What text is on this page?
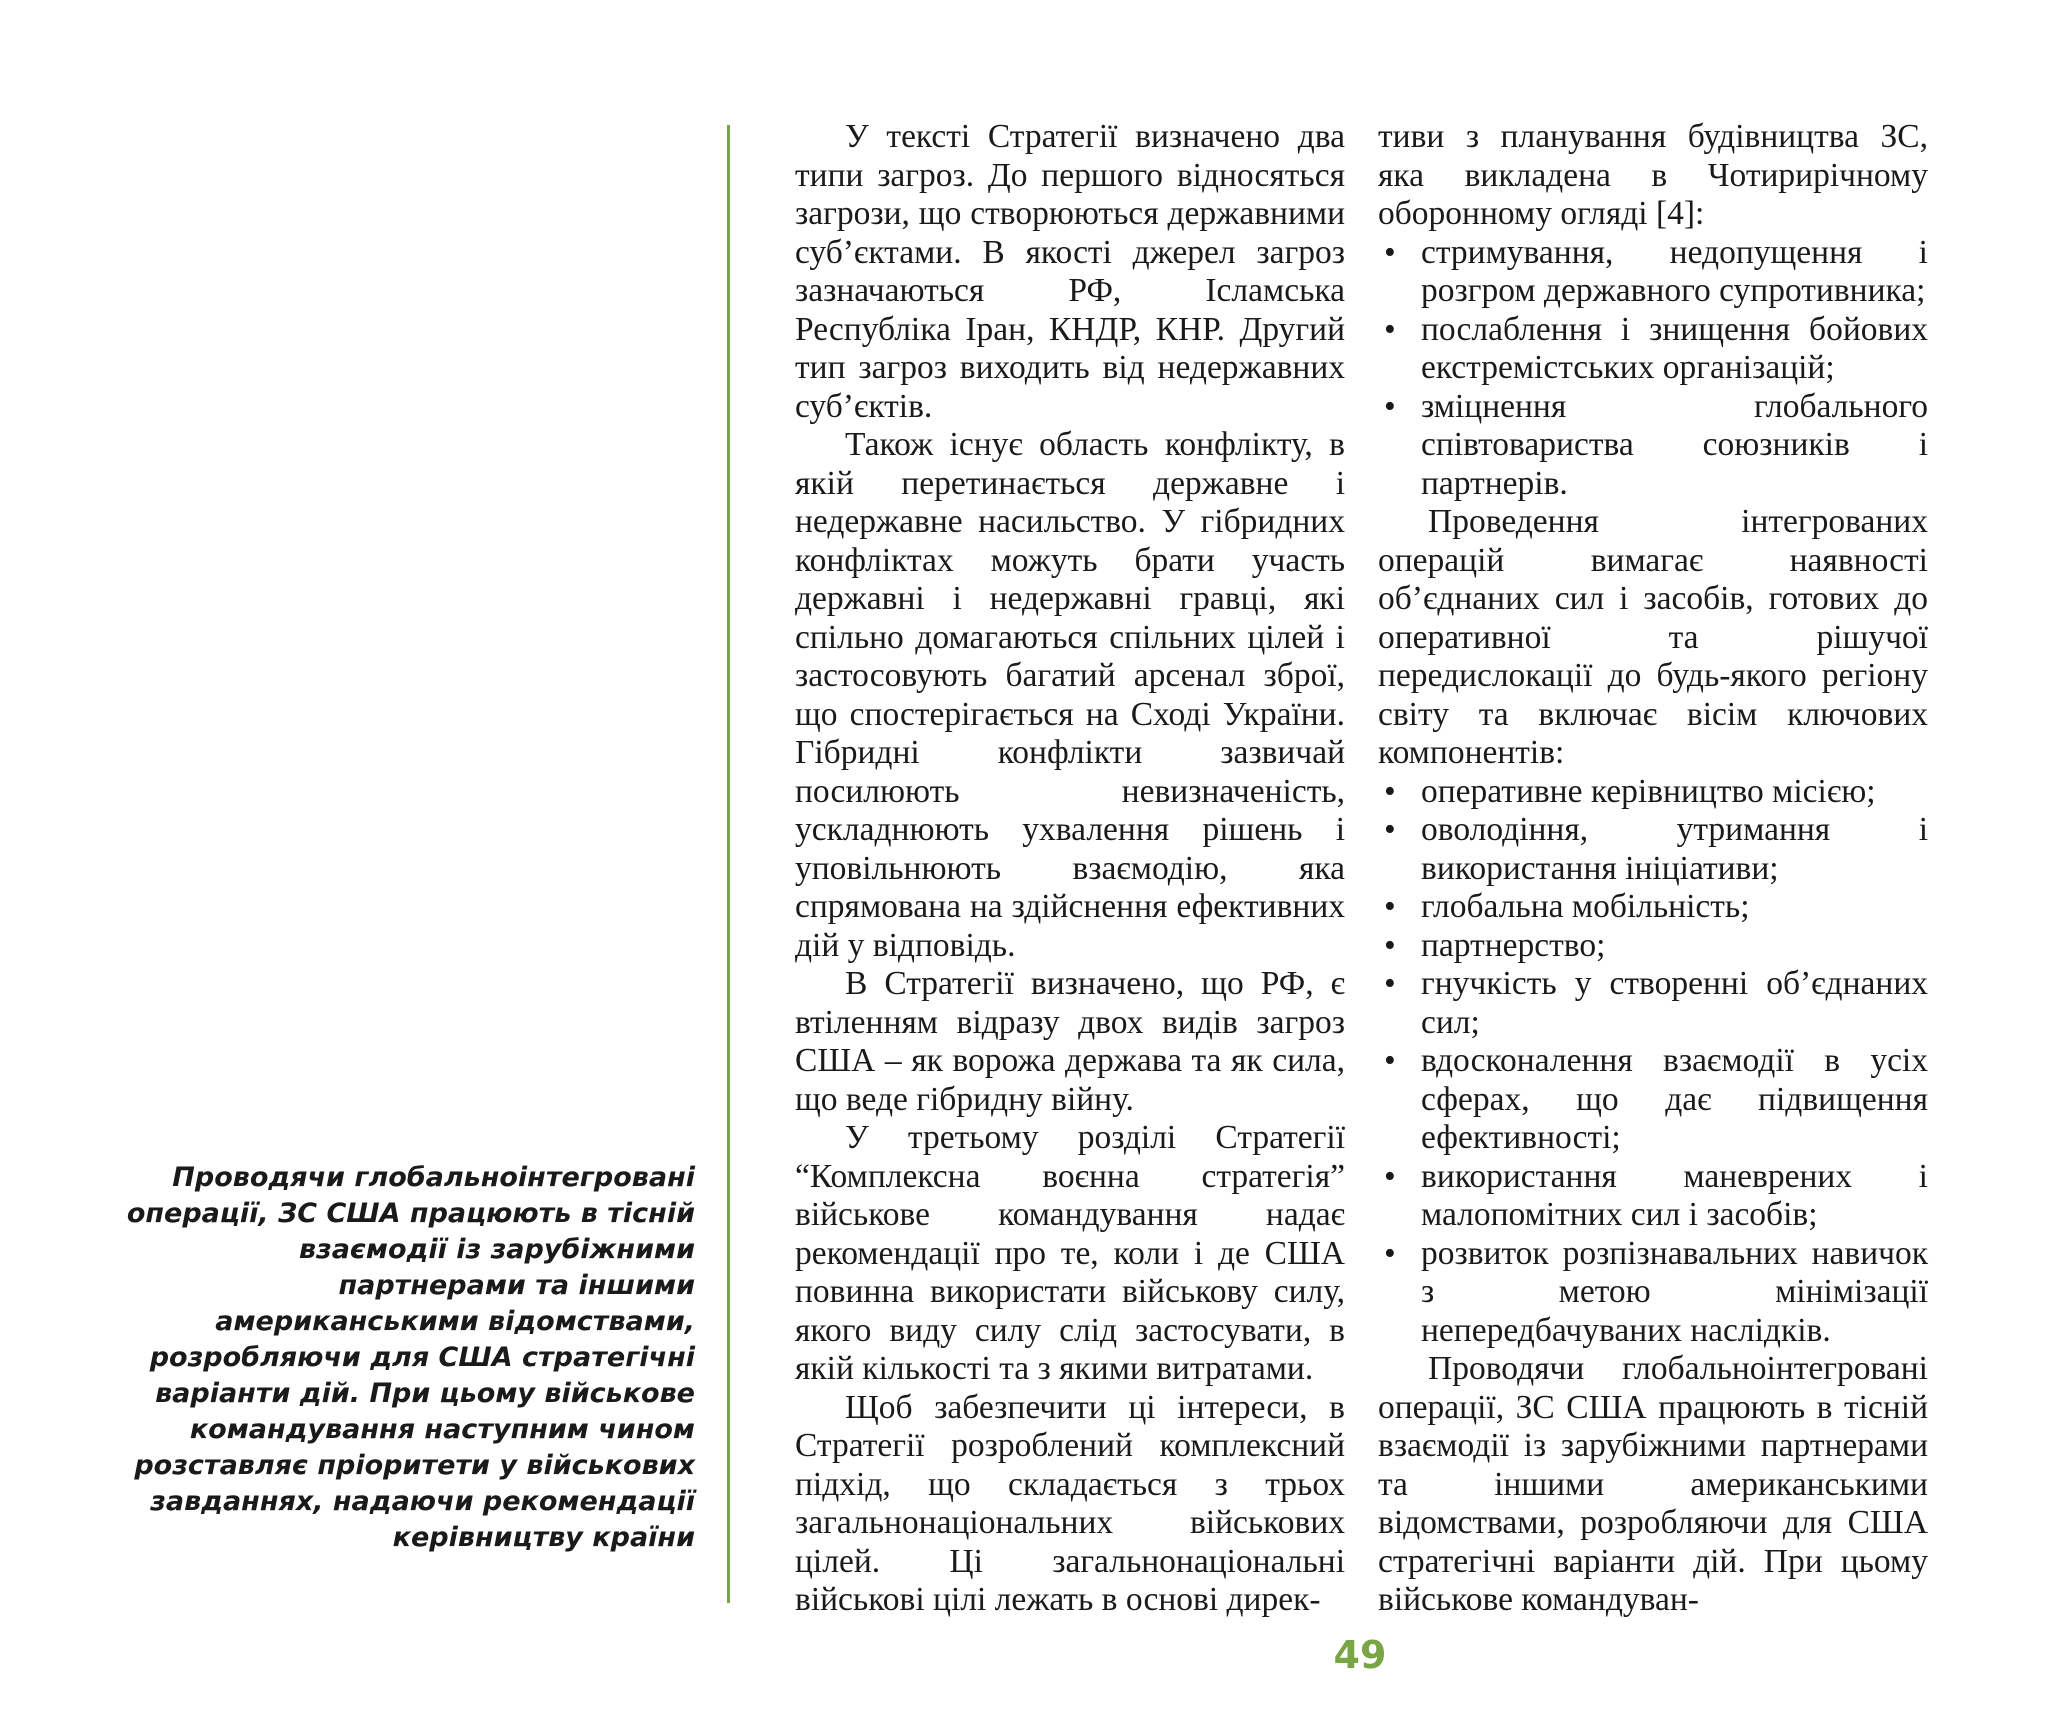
Проводячи глобальноінтегровані операції, ЗС США працюють в тісній взаємодії із зарубіжними партнерами та іншими американськими відомствами, розробляючи для США стратегічні варіанти дій. При цьому військове командування наступним чином розставляє пріоритети у військових завданнях, надаючи рекомендації керівництву країни

У тексті Стратегії визначено два типи загроз. До першого відносяться загрози, що створюються державними суб’єктами. В якості джерел загроз зазначаються РФ, Ісламська Республіка Іран, КНДР, КНР. Другий тип загроз виходить від недержавних суб’єктів.

Також існує область конфлікту, в якій перетинається державне і недержавне насильство. У гібридних конфліктах можуть брати участь державні і недержавні гравці, які спільно домагаються спільних цілей і застосовують багатий арсенал зброї, що спостерігається на Сході України. Гібридні конфлікти зазвичай посилюють невизначеність, ускладнюють ухвалення рішень і уповільнюють взаємодію, яка спрямована на здійснення ефективних дій у відповідь.

В Стратегії визначено, що РФ, є втіленням відразу двох видів загроз США – як ворожа держава та як сила, що веде гібридну війну.

У третьому розділі Стратегії “Комплексна воєнна стратегія” військове командування надає рекомендації про те, коли і де США повинна використати військову силу, якого виду силу слід застосувати, в якій кількості та з якими витратами.

Щоб забезпечити ці інтереси, в Стратегії розроблений комплексний підхід, що складається з трьох загальнонаціональних військових цілей. Ці загальнонаціональні військові цілі лежать в основі дирек-

тиви з планування будівництва ЗС, яка викладена в Чотирирічному оборонному огляді [4]:

• стримування, недопущення і розгром державного супротивника;
• послаблення і знищення бойових екстремістських організацій;
• зміцнення глобального співтовариства союзників і партнерів.

Проведення інтегрованих операцій вимагає наявності об’єднаних сил і засобів, готових до оперативної та рішучої передислокації до будь-якого регіону світу та включає вісім ключових компонентів:

• оперативне керівництво місією;
• оволодіння, утримання і використання ініціативи;
• глобальна мобільність;
• партнерство;
• гнучкість у створенні об’єднаних сил;
• вдосконалення взаємодії в усіх сферах, що дає підвищення ефективності;
• використання маневрених і малопомітних сил і засобів;
• розвиток розпізнавальних навичок з метою мінімізації непередбачуваних наслідків.

Проводячи глобальноінтегровані операції, ЗС США працюють в тісній взаємодії із зарубіжними партнерами та іншими американськими відомствами, розробляючи для США стратегічні варіанти дій. При цьому військове командуван-

49
